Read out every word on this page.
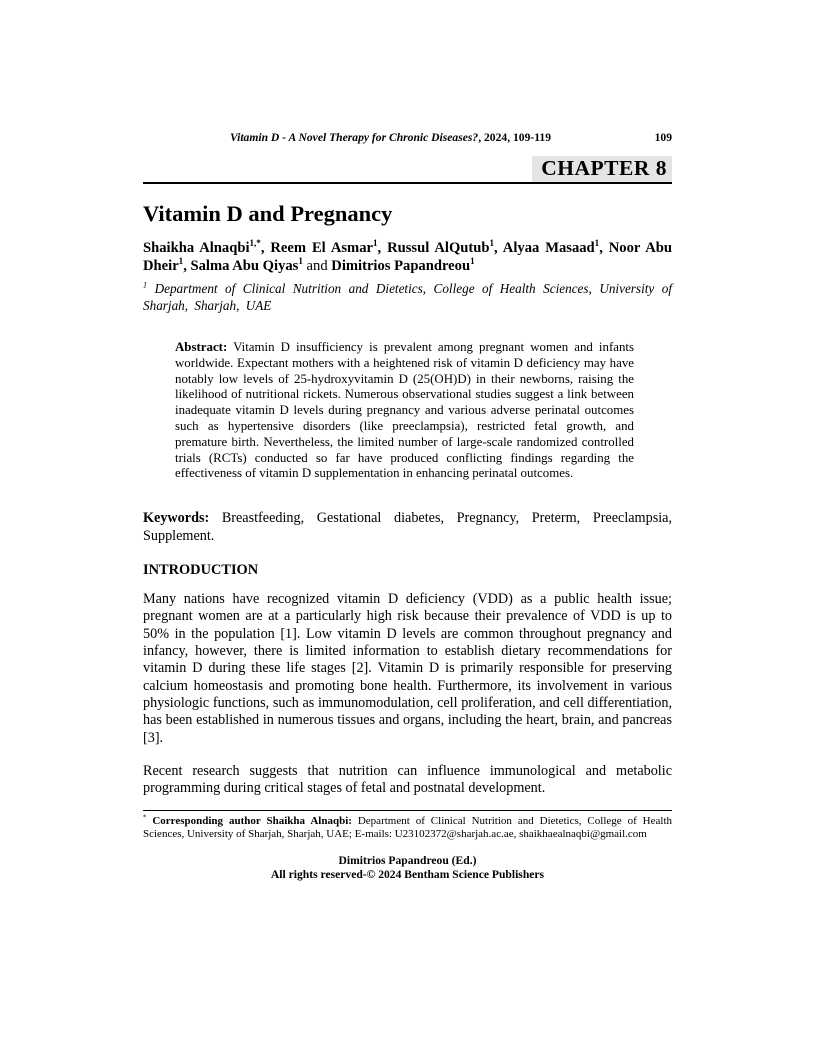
Vitamin D - A Novel Therapy for Chronic Diseases?, 2024, 109-119	109
CHAPTER 8
Vitamin D and Pregnancy
Shaikha Alnaqbi$^{1,*}$, Reem El Asmar$^1$, Russul AlQutub$^1$, Alyaa Masaad$^1$, Noor Abu Dheir$^1$, Salma Abu Qiyas$^1$ and Dimitrios Papandreou$^1$
$^1$ Department of Clinical Nutrition and Dietetics, College of Health Sciences, University of Sharjah, Sharjah, UAE
Abstract: Vitamin D insufficiency is prevalent among pregnant women and infants worldwide. Expectant mothers with a heightened risk of vitamin D deficiency may have notably low levels of 25-hydroxyvitamin D (25(OH)D) in their newborns, raising the likelihood of nutritional rickets. Numerous observational studies suggest a link between inadequate vitamin D levels during pregnancy and various adverse perinatal outcomes such as hypertensive disorders (like preeclampsia), restricted fetal growth, and premature birth. Nevertheless, the limited number of large-scale randomized controlled trials (RCTs) conducted so far have produced conflicting findings regarding the effectiveness of vitamin D supplementation in enhancing perinatal outcomes.
Keywords: Breastfeeding, Gestational diabetes, Pregnancy, Preterm, Preeclampsia, Supplement.
INTRODUCTION
Many nations have recognized vitamin D deficiency (VDD) as a public health issue; pregnant women are at a particularly high risk because their prevalence of VDD is up to 50% in the population [1]. Low vitamin D levels are common throughout pregnancy and infancy, however, there is limited information to establish dietary recommendations for vitamin D during these life stages [2]. Vitamin D is primarily responsible for preserving calcium homeostasis and promoting bone health. Furthermore, its involvement in various physiologic functions, such as immunomodulation, cell proliferation, and cell differentiation, has been established in numerous tissues and organs, including the heart, brain, and pancreas [3].
Recent research suggests that nutrition can influence immunological and metabolic programming during critical stages of fetal and postnatal development.
* Corresponding author Shaikha Alnaqbi: Department of Clinical Nutrition and Dietetics, College of Health Sciences, University of Sharjah, Sharjah, UAE; E-mails: U23102372@sharjah.ac.ae, shaikhaealnaqbi@gmail.com
Dimitrios Papandreou (Ed.)
All rights reserved-© 2024 Bentham Science Publishers
